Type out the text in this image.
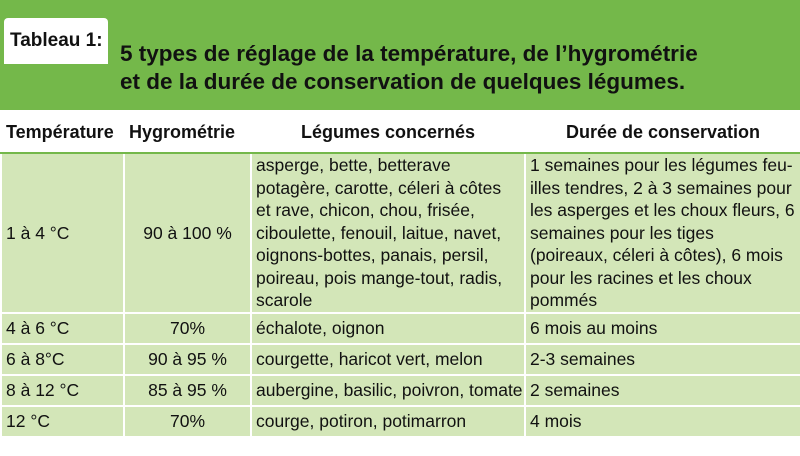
Tableau 1:
5 types de réglage de la température, de l’hygrométrie
et de la durée de conservation de quelques légumes.
Température	Hygrométrie	Légumes concernés	Durée de conservation
1 à 4 °C	90 à 100 %	asperge, bette, betterave potagère, carotte, céleri à côtes et rave, chicon, chou, frisée, ciboulette, fenouil, laitue, navet, oignons-bottes, panais, persil, poireau, pois mange-tout, radis, scarole	1 semaines pour les légumes feu-illes tendres, 2 à 3 semaines pour les asperges et les choux fleurs, 6 semaines pour les tiges (poireaux, céleri à côtes), 6 mois pour les racines et les choux pommés
4 à 6 °C	70%	échalote, oignon	6 mois au moins
6 à 8°C	90 à 95 %	courgette, haricot vert, melon	2-3 semaines
8 à 12 °C	85 à 95 %	aubergine, basilic, poivron, tomate	2 semaines
12 °C	70%	courge, potiron, potimarron	4 mois
